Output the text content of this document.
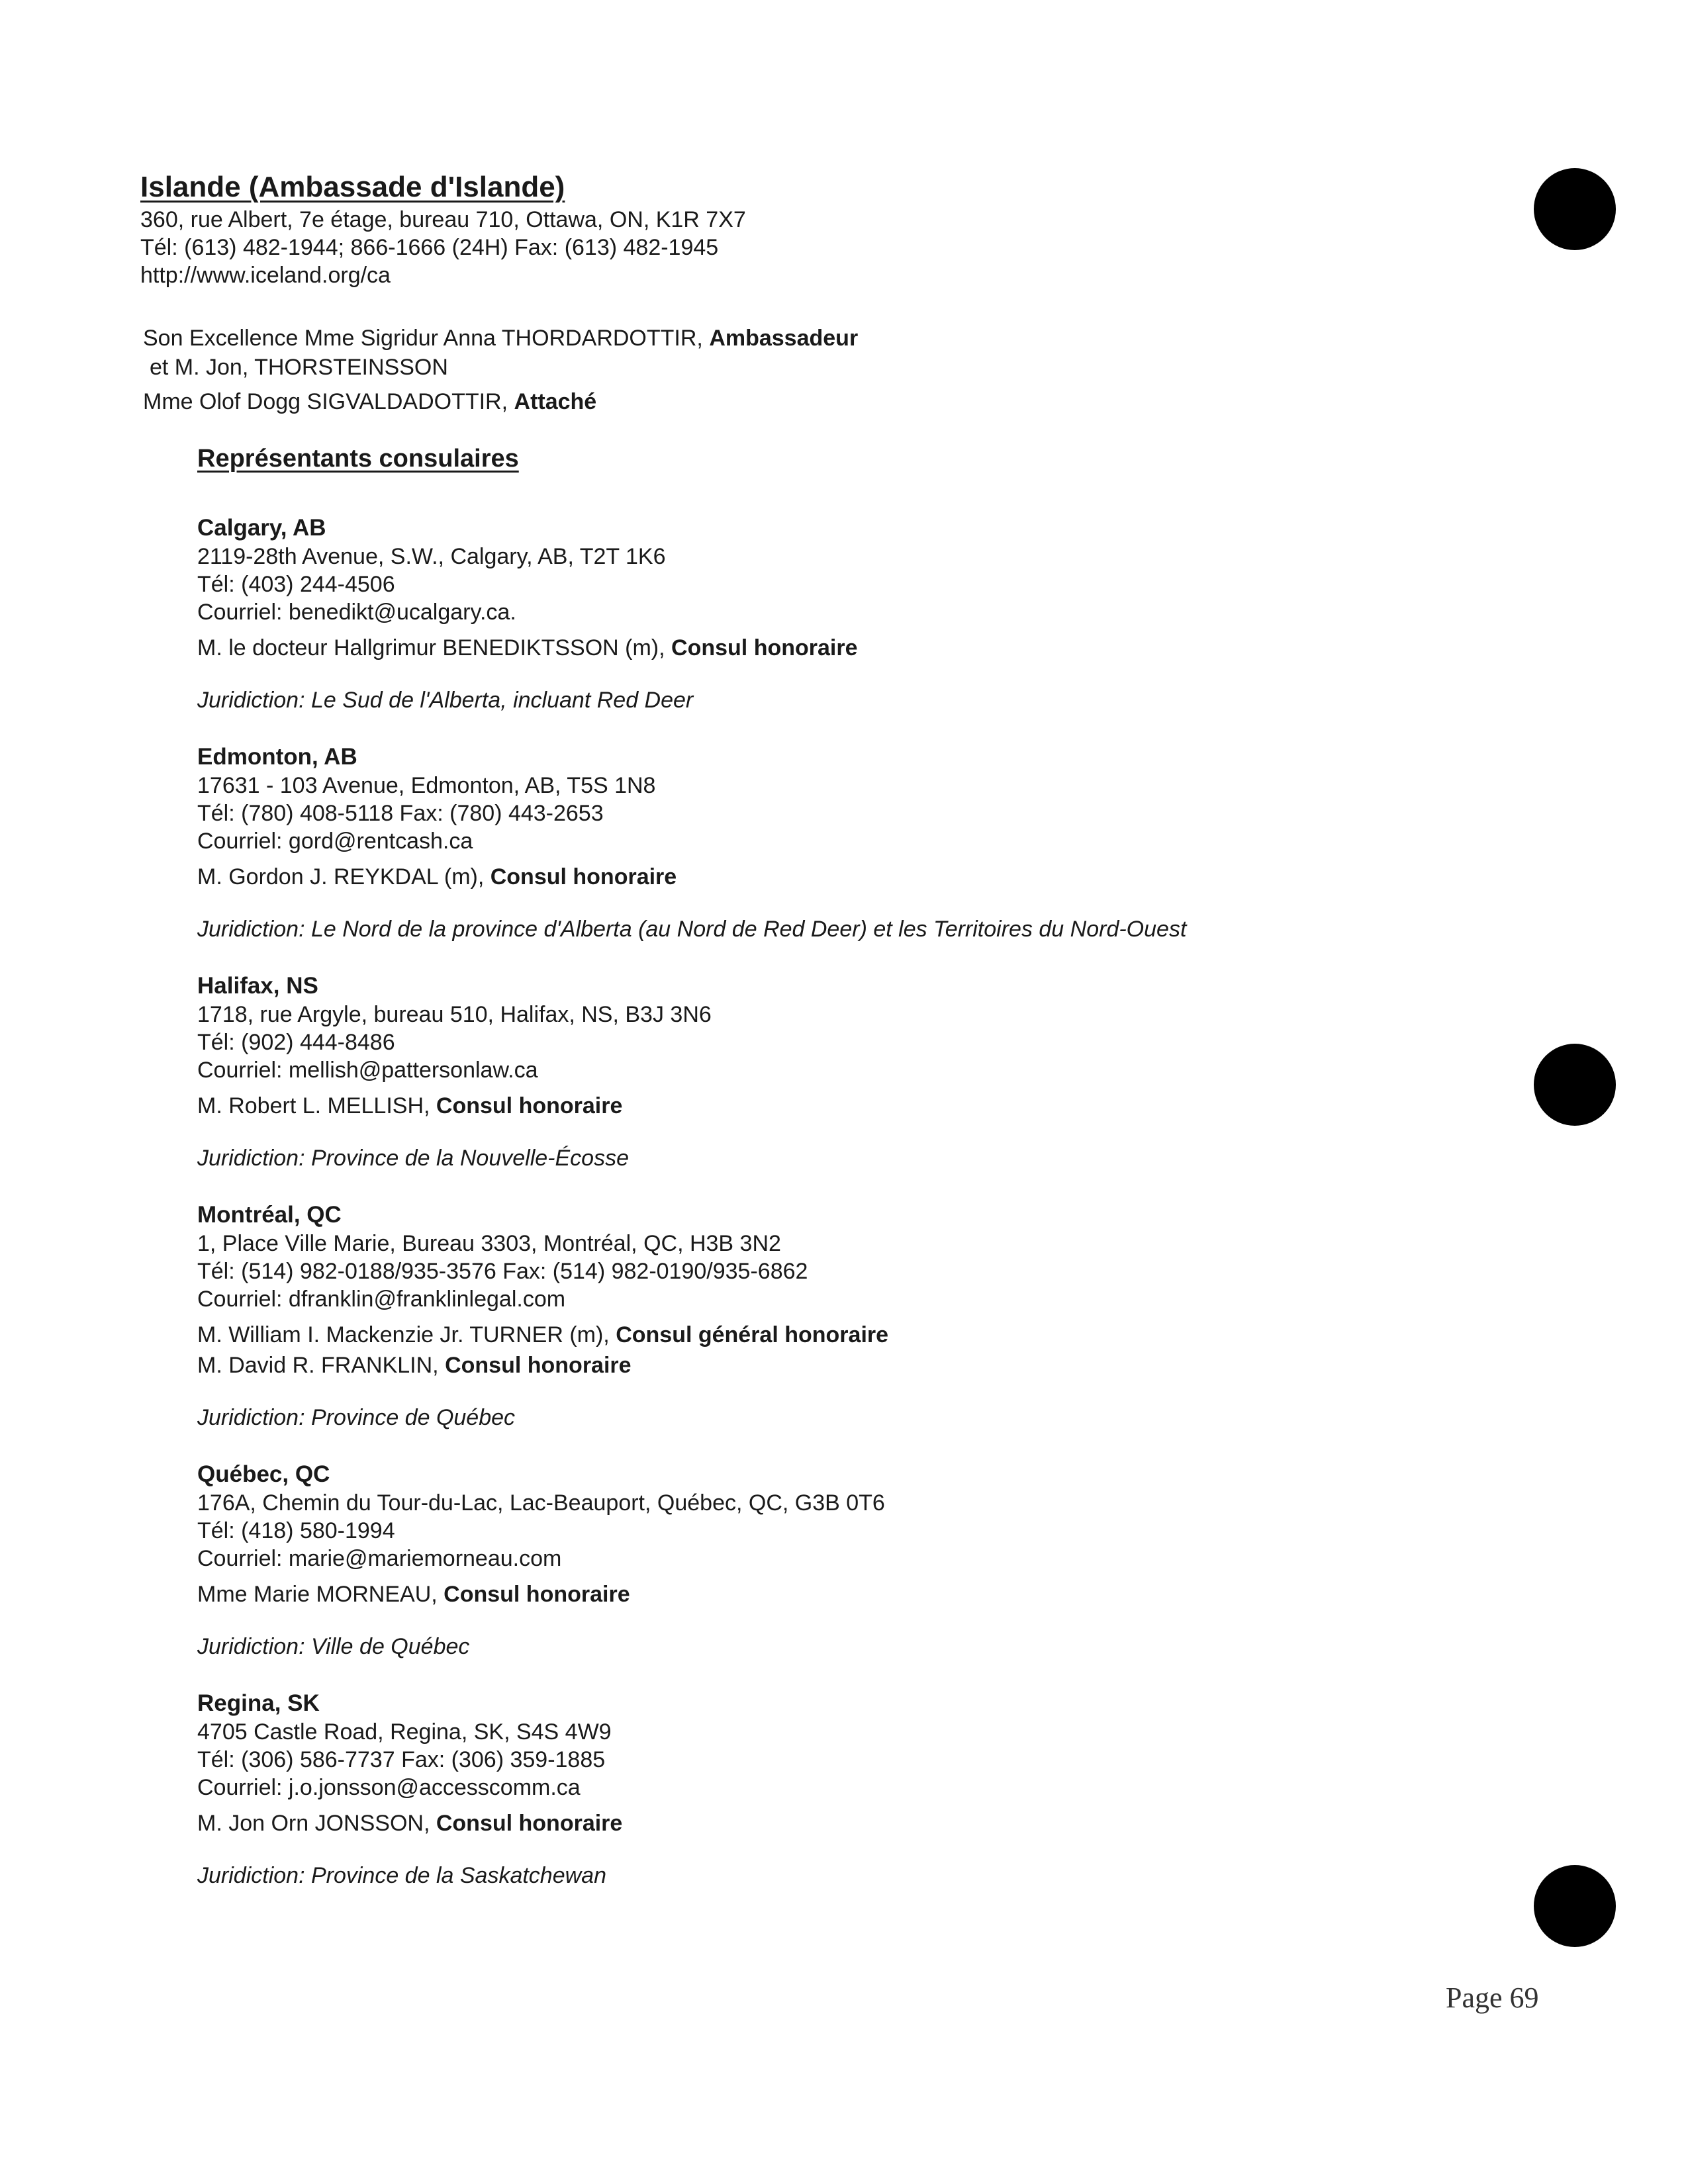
Islande (Ambassade d'Islande)

360, rue Albert, 7e étage, bureau 710, Ottawa, ON, K1R 7X7

Tél: (613) 482-1944; 866-1666 (24H) Fax: (613) 482-1945

http://www.iceland.org/ca

Son Excellence Mme Sigridur Anna THORDARDOTTIR, Ambassadeur

et M. Jon, THORSTEINSSON

Mme Olof Dogg SIGVALDADOTTIR, Attaché

Représentants consulaires

Calgary, AB

2119-28th Avenue, S.W., Calgary, AB, T2T 1K6

Tél: (403) 244-4506

Courriel: benedikt@ucalgary.ca.

M. le docteur Hallgrimur BENEDIKTSSON (m), Consul honoraire

Juridiction: Le Sud de l'Alberta, incluant Red Deer

Edmonton, AB

17631 - 103 Avenue, Edmonton, AB, T5S 1N8

Tél: (780) 408-5118 Fax: (780) 443-2653

Courriel: gord@rentcash.ca

M. Gordon J. REYKDAL (m), Consul honoraire

Juridiction: Le Nord de la province d'Alberta (au Nord de Red Deer) et les Territoires du Nord-Ouest

Halifax, NS

1718, rue Argyle, bureau 510, Halifax, NS, B3J 3N6

Tél: (902) 444-8486

Courriel: mellish@pattersonlaw.ca

M. Robert L. MELLISH, Consul honoraire

Juridiction: Province de la Nouvelle-Écosse

Montréal, QC

1, Place Ville Marie, Bureau 3303, Montréal, QC, H3B 3N2

Tél: (514) 982-0188/935-3576 Fax: (514) 982-0190/935-6862

Courriel: dfranklin@franklinlegal.com

M. William I. Mackenzie Jr. TURNER (m), Consul général honoraire

M. David R. FRANKLIN, Consul honoraire

Juridiction: Province de Québec

Québec, QC

176A, Chemin du Tour-du-Lac, Lac-Beauport, Québec, QC, G3B 0T6

Tél: (418) 580-1994

Courriel: marie@mariemorneau.com

Mme Marie MORNEAU, Consul honoraire

Juridiction: Ville de Québec

Regina, SK

4705 Castle Road, Regina, SK, S4S 4W9

Tél: (306) 586-7737 Fax: (306) 359-1885

Courriel: j.o.jonsson@accesscomm.ca

M. Jon Orn JONSSON, Consul honoraire

Juridiction: Province de la Saskatchewan

Page 69
